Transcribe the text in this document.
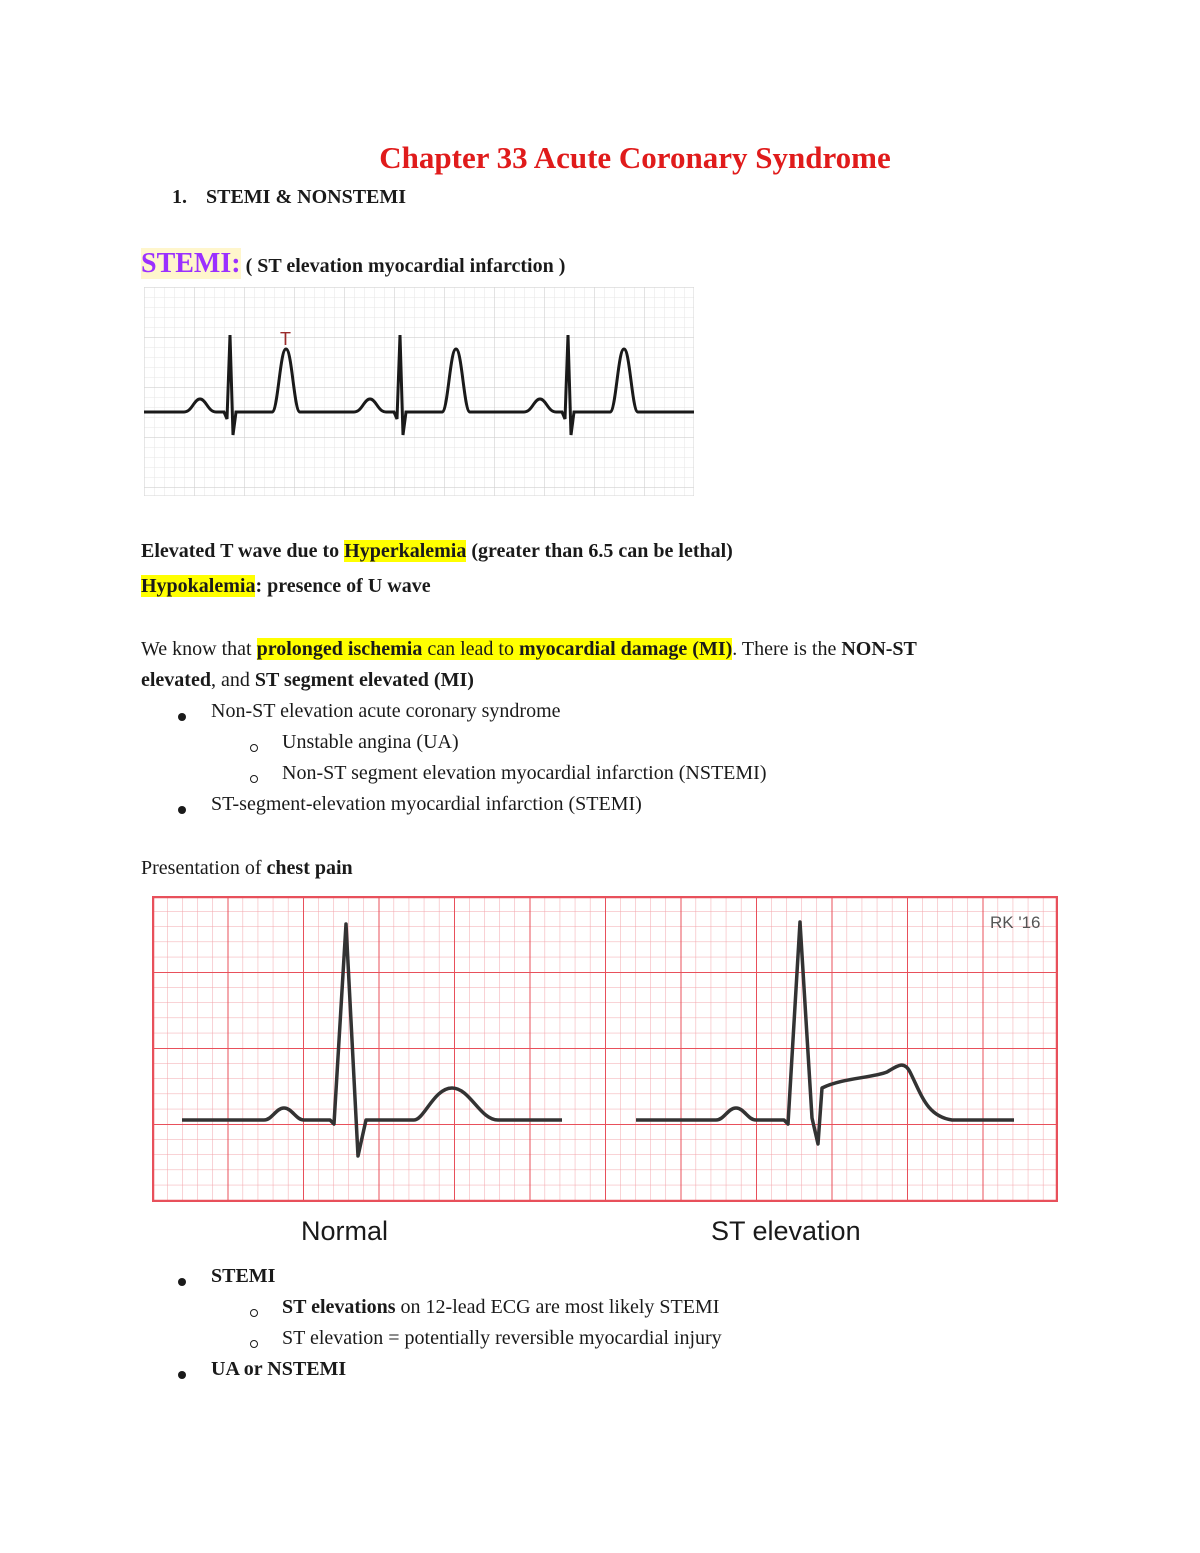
Chapter 33 Acute Coronary Syndrome
1. STEMI & NONSTEMI
STEMI: ( ST elevation myocardial infarction )
T
Elevated T wave due to Hyperkalemia (greater than 6.5 can be lethal)
Hypokalemia: presence of U wave
We know that prolonged ischemia can lead to myocardial damage (MI). There is the NON-ST
elevated, and ST segment elevated (MI)
Non-ST elevation acute coronary syndrome
Unstable angina (UA)
Non-ST segment elevation myocardial infarction (NSTEMI)
ST-segment-elevation myocardial infarction (STEMI)
Presentation of chest pain
RK '16
Normal	ST elevation
STEMI
ST elevations on 12-lead ECG are most likely STEMI
ST elevation = potentially reversible myocardial injury
UA or NSTEMI
